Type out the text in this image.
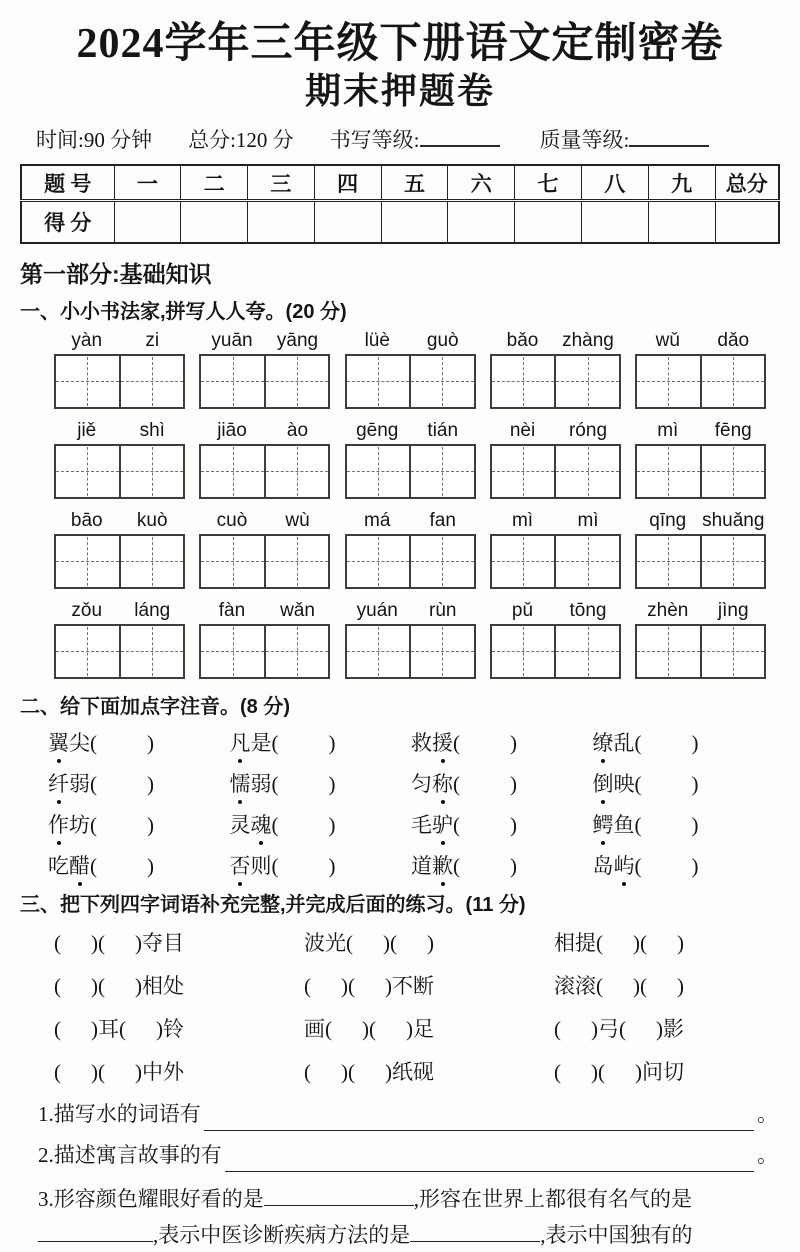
2024学年三年级下册语文定制密卷
期末押题卷
时间:90 分钟 总分:120 分 书写等级:	质量等级:
题 号	一	二	三	四	五	六	七	八	九	总分
得 分										
第一部分:基础知识
一、小小书法家,拼写人人夸。(20 分)
yàn	zi	yuān	yāng	lüè	guò	bǎo	zhàng	wǔ	dǎo
jiě	shì	jiāo	ào	gēng	tián	nèi	róng	mì	fēng
bāo	kuò	cuò	wù	má	fan	mì	mì	qīng shuǎng
zǒu	láng	fàn	wǎn	yuán	rùn	pǔ	tōng	zhèn	jìng
二、给下面加点字注音。(8 分)
翼尖( )	凡是( )	救援( )	缭乱( )
纤弱( )	懦弱( )	匀称( )	倒映( )
作坊( )	灵魂( )	毛驴( )	鳄鱼( )
吃醋( )	否则( )	道歉( )	岛屿( )
三、把下列四字词语补充完整,并完成后面的练习。(11 分)
( )( )夺目	波光( )( )	相提( )( )
( )( )相处	( )( )不断	滚滚( )( )
( )耳( )铃	画( )( )足	( )弓( )影
( )( )中外	( )( )纸砚	( )( )问切
1.描写水的词语有	。
2.描述寓言故事的有	。
3.形容颜色耀眼好看的是	,形容在世界上都很有名气的是,表示中医诊断疾病方法的是	,表示中国独有的
